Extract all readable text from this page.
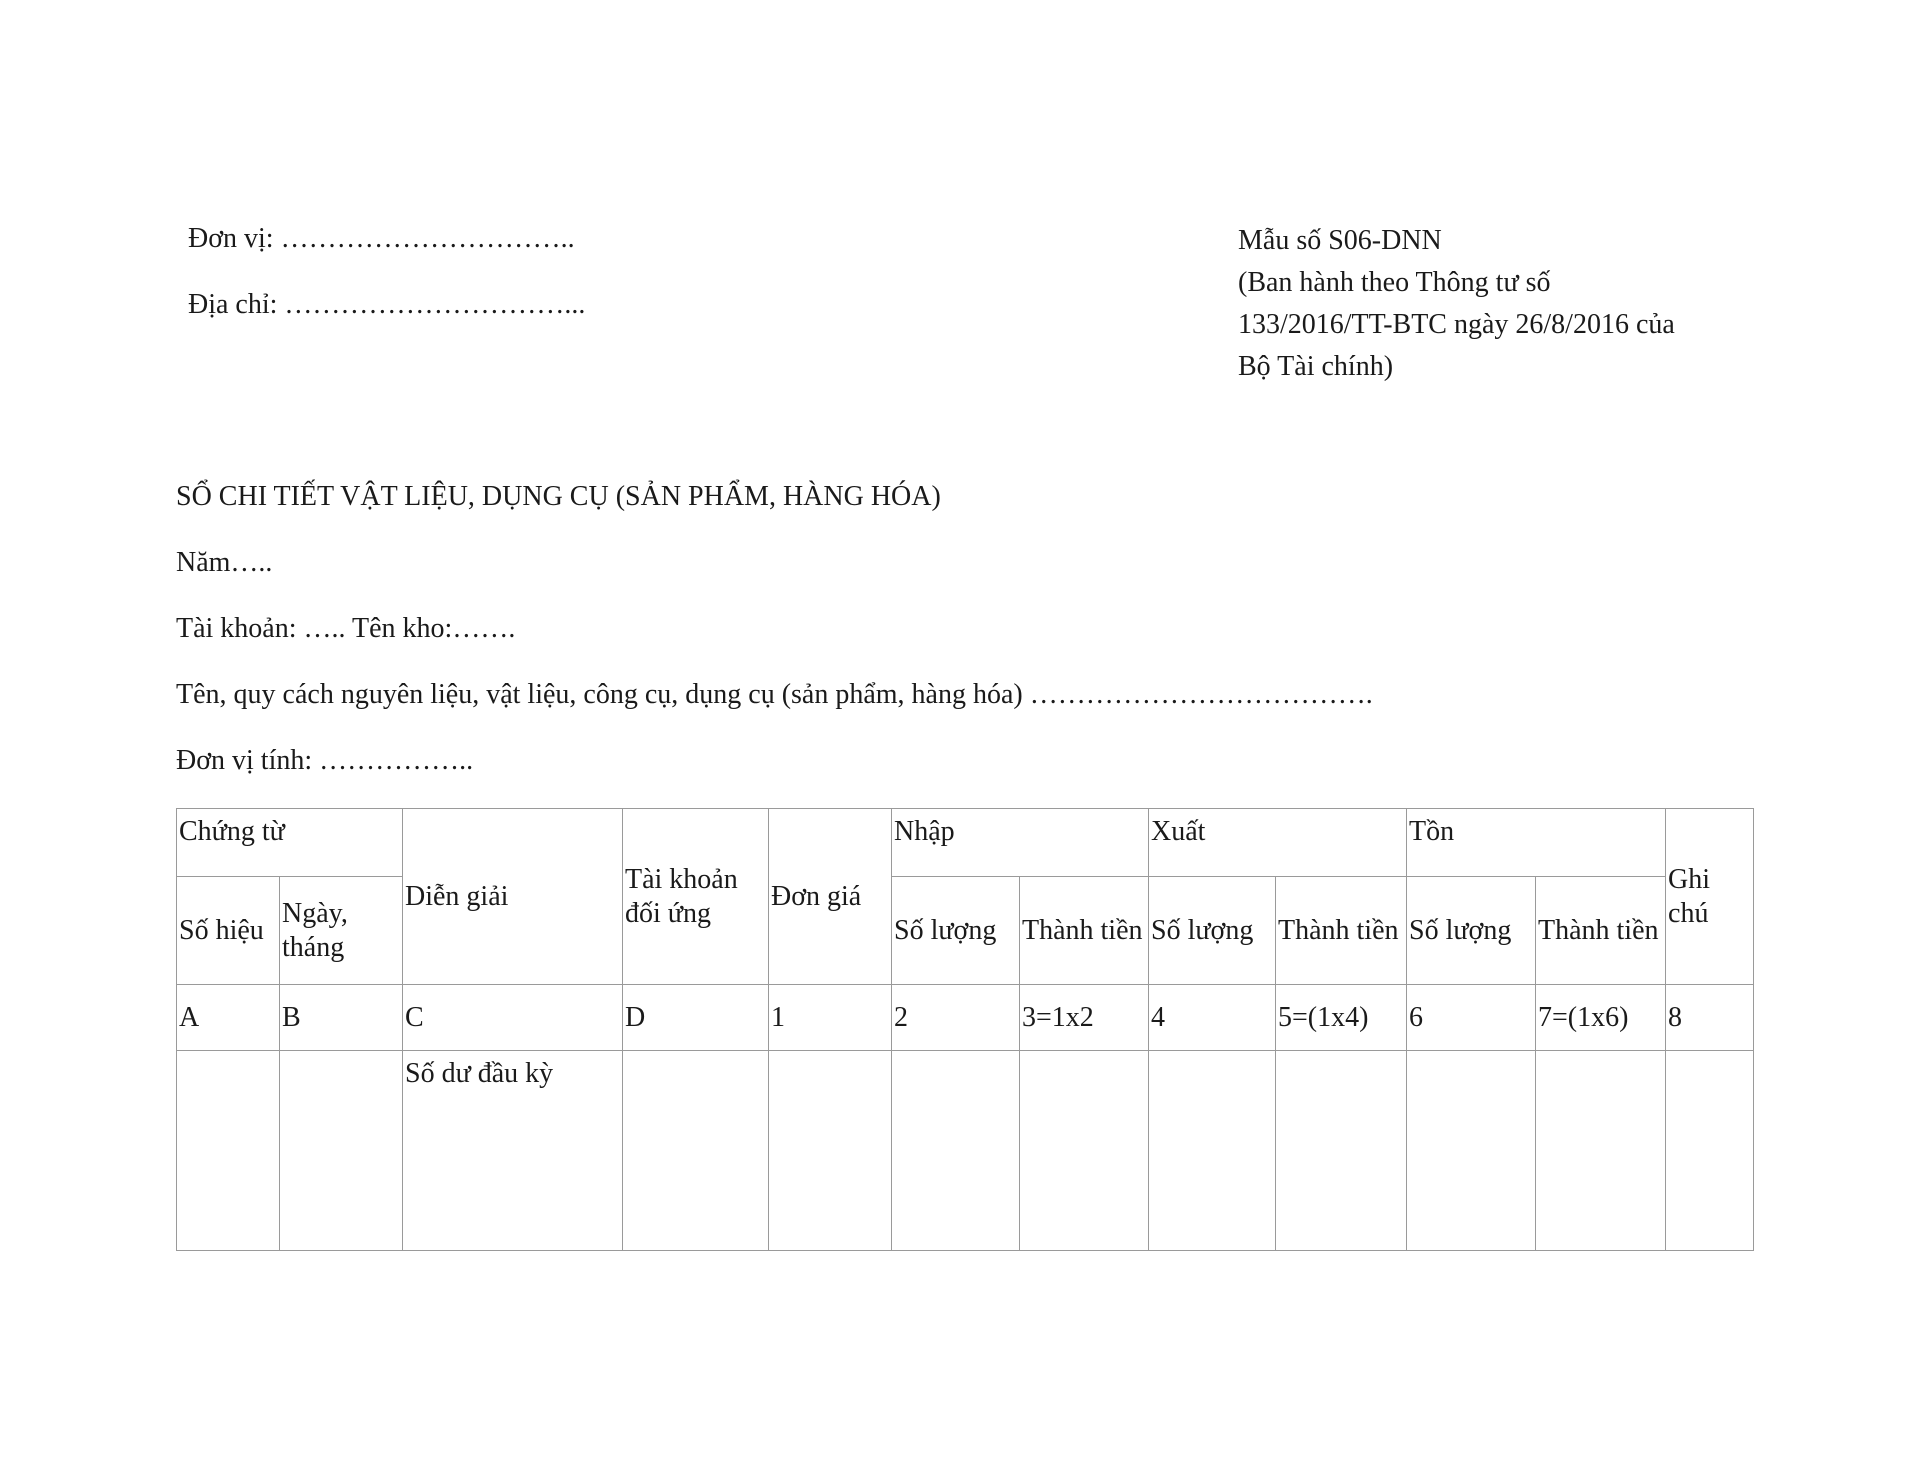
Đơn vị: …………………………..
Địa chỉ: …………………………...
Mẫu số S06-DNN
(Ban hành theo Thông tư số
133/2016/TT-BTC ngày 26/8/2016 của
Bộ Tài chính)
SỔ CHI TIẾT VẬT LIỆU, DỤNG CỤ (SẢN PHẨM, HÀNG HÓA)
Năm…..
Tài khoản: ….. Tên kho:…….
Tên, quy cách nguyên liệu, vật liệu, công cụ, dụng cụ (sản phẩm, hàng hóa) ……………………………….
Đơn vị tính: ……………..
Chứng từ		Diễn giải	Tài khoản đối ứng	Đơn giá	Nhập		Xuất		Tồn		Ghi chú
Số hiệu	Ngày, tháng				Số lượng	Thành tiền	Số lượng	Thành tiền	Số lượng	Thành tiền	
A	B	C	D	1	2	3=1x2	4	5=(1x4)	6	7=(1x6)	8
		Số dư đầu kỳ									
